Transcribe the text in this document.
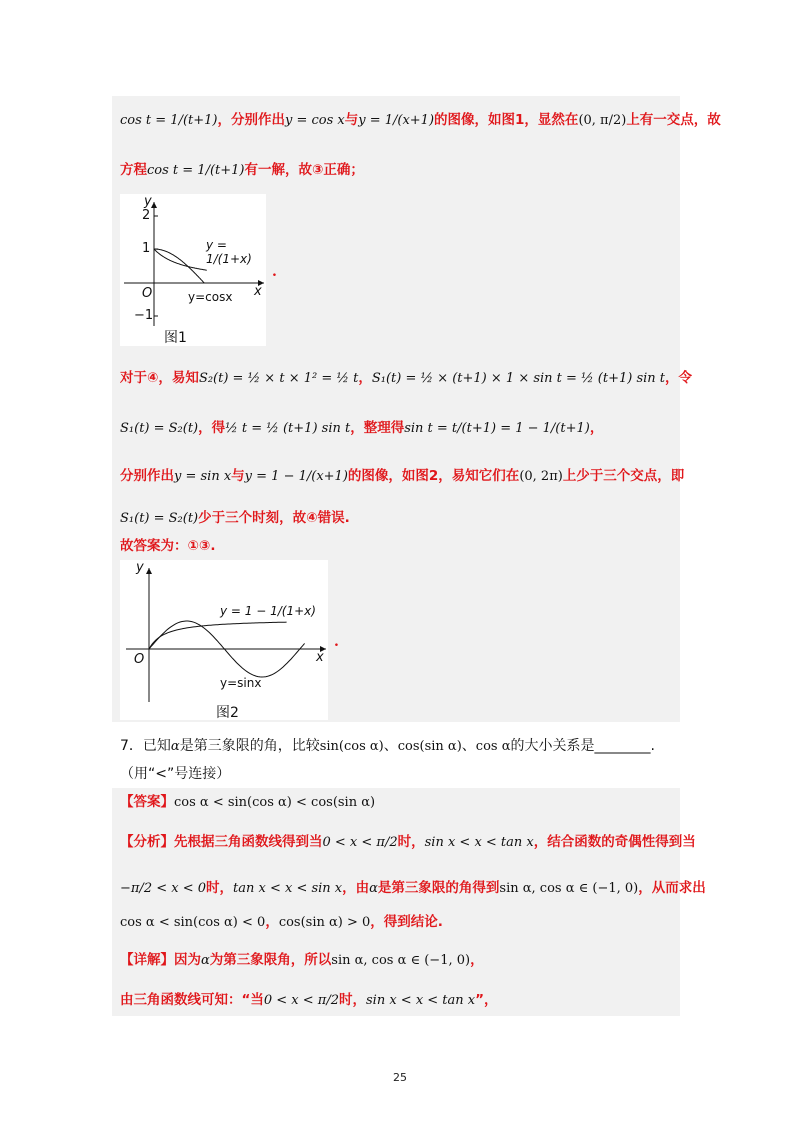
cos t = 1/(t+1)，分别作出y = cos x与y = 1/(x+1)的图像，如图1，显然在(0, π/2)上有一交点，故
方程cos t = 1/(t+1)有一解，故③正确；
2
1
−1
O	x
y
y = 1/(1+x)
y=cosx
图1
.
对于④，易知S₂(t) = ½ × t × 1² = ½ t，S₁(t) = ½ × (t+1) × 1 × sin t = ½ (t+1) sin t，令
S₁(t) = S₂(t)，得½ t = ½ (t+1) sin t，整理得sin t = t/(t+1) = 1 − 1/(t+1)，
分别作出y = sin x与y = 1 − 1/(x+1)的图像，如图2，易知它们在(0, 2π)上少于三个交点，即
S₁(t) = S₂(t)少于三个时刻，故④错误.
故答案为：①③.
O	x
y
y = 1 − 1/(1+x)
y=sinx
图2
.
7．已知α是第三象限的角，比较sin(cos α)、cos(sin α)、cos α的大小关系是________.
（用“<”号连接）
【答案】cos α < sin(cos α) < cos(sin α)
【分析】先根据三角函数线得到当0 < x < π/2时，sin x < x < tan x，结合函数的奇偶性得到当
−π/2 < x < 0时，tan x < x < sin x，由α是第三象限的角得到sin α, cos α ∈ (−1, 0)，从而求出
cos α < sin(cos α) < 0，cos(sin α) > 0，得到结论.
【详解】因为α为第三象限角，所以sin α, cos α ∈ (−1, 0)，
由三角函数线可知：“当0 < x < π/2时，sin x < x < tan x”，
25
